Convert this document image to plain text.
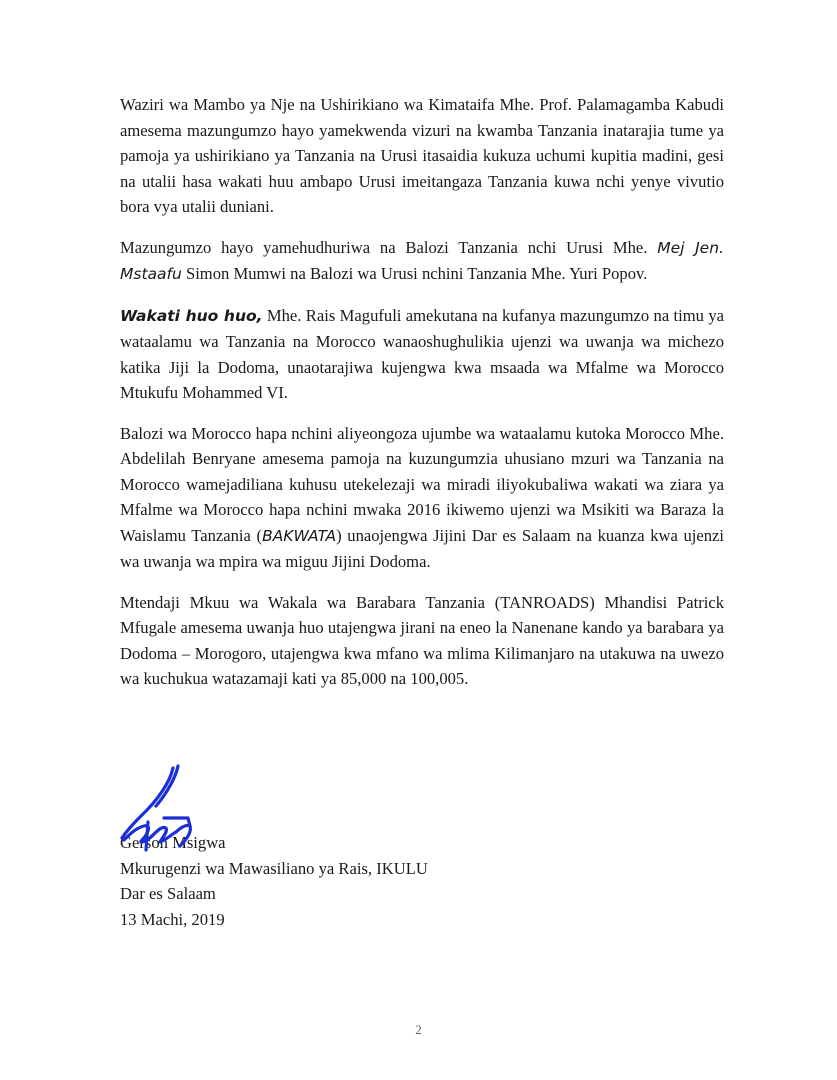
Waziri wa Mambo ya Nje na Ushirikiano wa Kimataifa Mhe. Prof. Palamagamba Kabudi amesema mazungumzo hayo yamekwenda vizuri na kwamba Tanzania inatarajia tume ya pamoja ya ushirikiano ya Tanzania na Urusi itasaidia kukuza uchumi kupitia madini, gesi na utalii hasa wakati huu ambapo Urusi imeitangaza Tanzania kuwa nchi yenye vivutio bora vya utalii duniani.

Mazungumzo hayo yamehudhuriwa na Balozi Tanzania nchi Urusi Mhe. Mej Jen. Mstaafu Simon Mumwi na Balozi wa Urusi nchini Tanzania Mhe. Yuri Popov.

Wakati huo huo, Mhe. Rais Magufuli amekutana na kufanya mazungumzo na timu ya wataalamu wa Tanzania na Morocco wanaoshughulikia ujenzi wa uwanja wa michezo katika Jiji la Dodoma, unaotarajiwa kujengwa kwa msaada wa Mfalme wa Morocco Mtukufu Mohammed VI.

Balozi wa Morocco hapa nchini aliyeongoza ujumbe wa wataalamu kutoka Morocco Mhe. Abdelilah Benryane amesema pamoja na kuzungumzia uhusiano mzuri wa Tanzania na Morocco wamejadiliana kuhusu utekelezaji wa miradi iliyokubaliwa wakati wa ziara ya Mfalme wa Morocco hapa nchini mwaka 2016 ikiwemo ujenzi wa Msikiti wa Baraza la Waislamu Tanzania (BAKWATA) unaojengwa Jijini Dar es Salaam na kuanza kwa ujenzi wa uwanja wa mpira wa miguu Jijini Dodoma.

Mtendaji Mkuu wa Wakala wa Barabara Tanzania (TANROADS) Mhandisi Patrick Mfugale amesema uwanja huo utajengwa jirani na eneo la Nanenane kando ya barabara ya Dodoma – Morogoro, utajengwa kwa mfano wa mlima Kilimanjaro na utakuwa na uwezo wa kuchukua watazamaji kati ya 85,000 na 100,005.

Gerson Msigwa
Mkurugenzi wa Mawasiliano ya Rais, IKULU
Dar es Salaam
13 Machi, 2019
2
